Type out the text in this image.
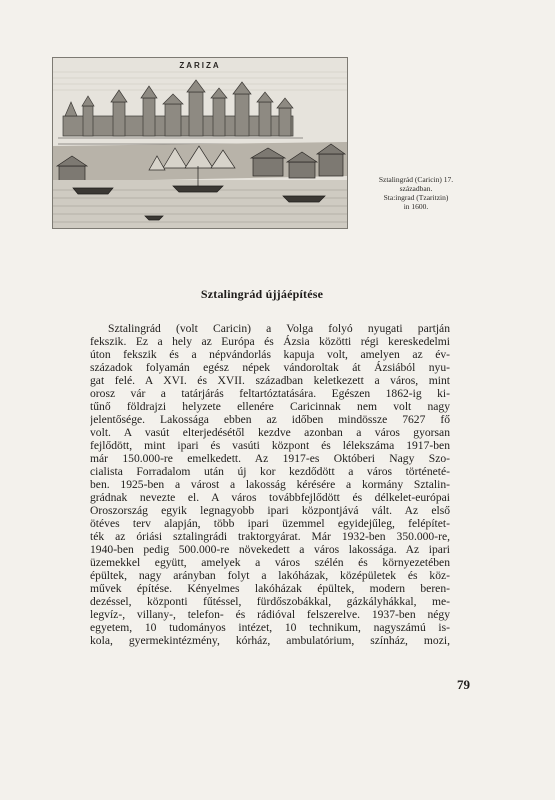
ZARIZA
Sztalingrád (Caricin) 17.
században.
Sta:ingrad (Tzaritzin)
in 1600.
Sztalingrád újjáépítése
Sztalingrád (volt Caricin) a Volga folyó nyugati partján
fekszik. Ez a hely az Európa és Ázsia közötti régi kereskedelmi
úton fekszik és a népvándorlás kapuja volt, amelyen az év-
századok folyamán egész népek vándoroltak át Ázsiából nyu-
gat felé. A XVI. és XVII. században keletkezett a város, mint
orosz vár a tatárjárás feltartóztatására. Egészen 1862-ig ki-
tűnő földrajzi helyzete ellenére Caricinnak nem volt nagy
jelentősége. Lakossága ebben az időben mindössze 7627 fő
volt. A vasút elterjedésétől kezdve azonban a város gyorsan
fejlődött, mint ipari és vasúti központ és lélekszáma 1917-ben
már 150.000-re emelkedett. Az 1917-es Októberi Nagy Szo-
cialista Forradalom után új kor kezdődött a város történeté-
ben. 1925-ben a várost a lakosság kérésére a kormány Sztalin-
grádnak nevezte el. A város továbbfejlődött és délkelet-európai
Oroszország egyik legnagyobb ipari központjává vált. Az első
ötéves terv alapján, több ipari üzemmel egyidejűleg, felépítet-
ték az óriási sztalingrádi traktorgyárat. Már 1932-ben 350.000-re,
1940-ben pedig 500.000-re növekedett a város lakossága. Az ipari
üzemekkel együtt, amelyek a város szélén és környezetében
épültek, nagy arányban folyt a lakóházak, középületek és köz-
művek építése. Kényelmes lakóházak épültek, modern beren-
dezéssel, központi fűtéssel, fürdőszobákkal, gázkályhákkal, me-
legvíz-, villany-, telefon- és rádióval felszerelve. 1937-ben négy
egyetem, 10 tudományos intézet, 10 technikum, nagyszámú is-
kola, gyermekintézmény, kórház, ambulatórium, színház, mozi,
79
